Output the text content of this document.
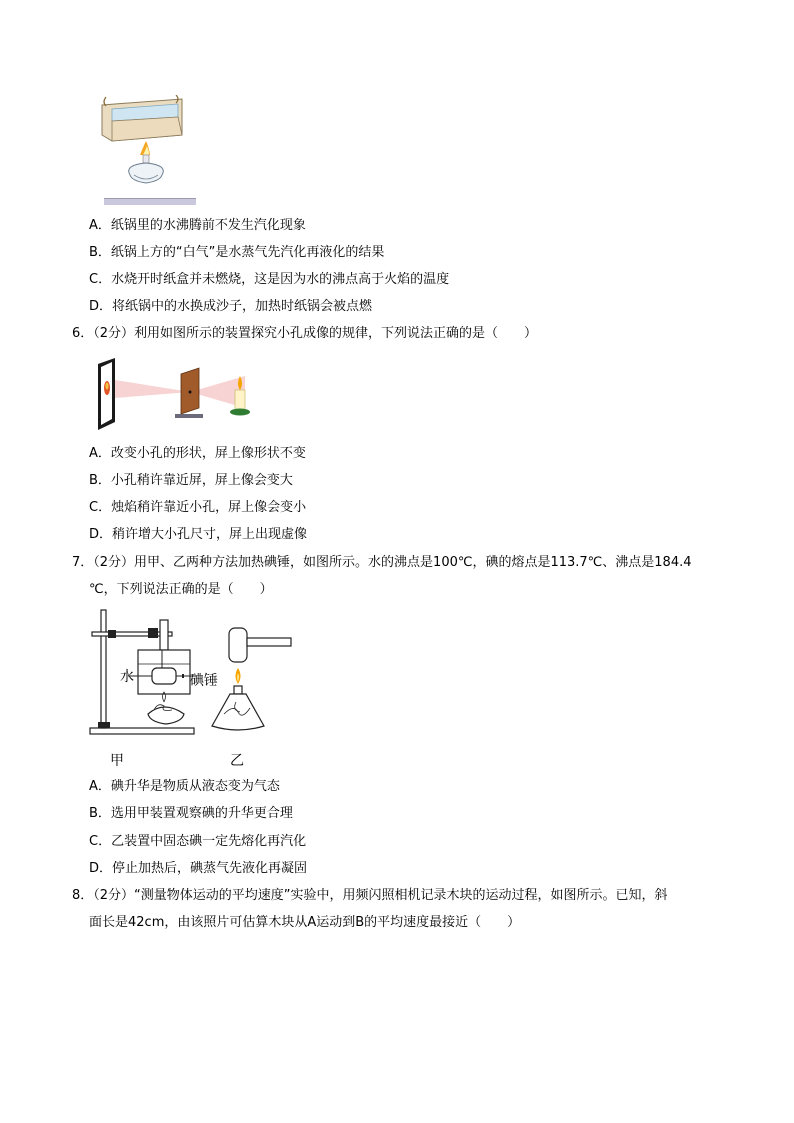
A．纸锅里的水沸腾前不发生汽化现象
B．纸锅上方的“白气”是水蒸气先汽化再液化的结果
C．水烧开时纸盒并未燃烧，这是因为水的沸点高于火焰的温度
D．将纸锅中的水换成沙子，加热时纸锅会被点燃
6．（2分）利用如图所示的装置探究小孔成像的规律，下列说法正确的是（　　）
A．改变小孔的形状，屏上像形状不变
B．小孔稍许靠近屏，屏上像会变大
C．烛焰稍许靠近小孔，屏上像会变小
D．稍许增大小孔尺寸，屏上出现虚像
7．（2分）用甲、乙两种方法加热碘锤，如图所示。水的沸点是100℃，碘的熔点是113.7℃、沸点是184.4
℃，下列说法正确的是（　　）
水	碘锤
甲	乙
A．碘升华是物质从液态变为气态
B．选用甲装置观察碘的升华更合理
C．乙装置中固态碘一定先熔化再汽化
D．停止加热后，碘蒸气先液化再凝固
8．（2分）“测量物体运动的平均速度”实验中，用频闪照相机记录木块的运动过程，如图所示。已知，斜
面长是42cm，由该照片可估算木块从A运动到B的平均速度最接近（　　）
